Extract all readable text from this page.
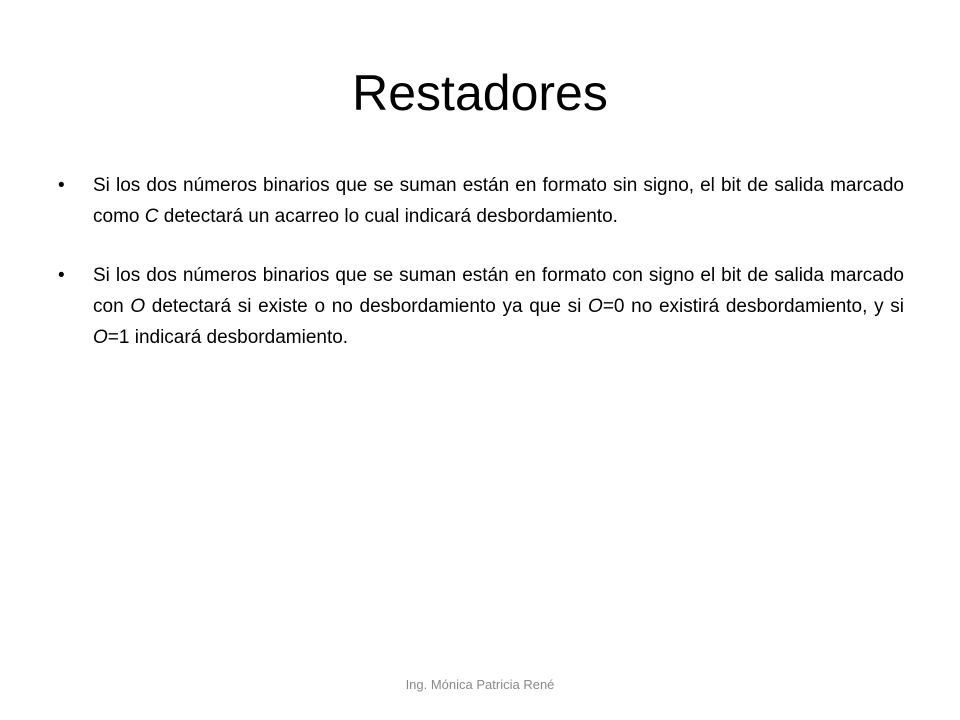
Restadores
•	Si los dos números binarios que se suman están en formato sin signo, el bit de salida marcado como C detectará un acarreo lo cual indicará desbordamiento.
•	Si los dos números binarios que se suman están en formato con signo el bit de salida marcado con O detectará si existe o no desbordamiento ya que si O=0 no existirá desbordamiento, y si O=1 indicará desbordamiento.
Ing. Mónica Patricia René
